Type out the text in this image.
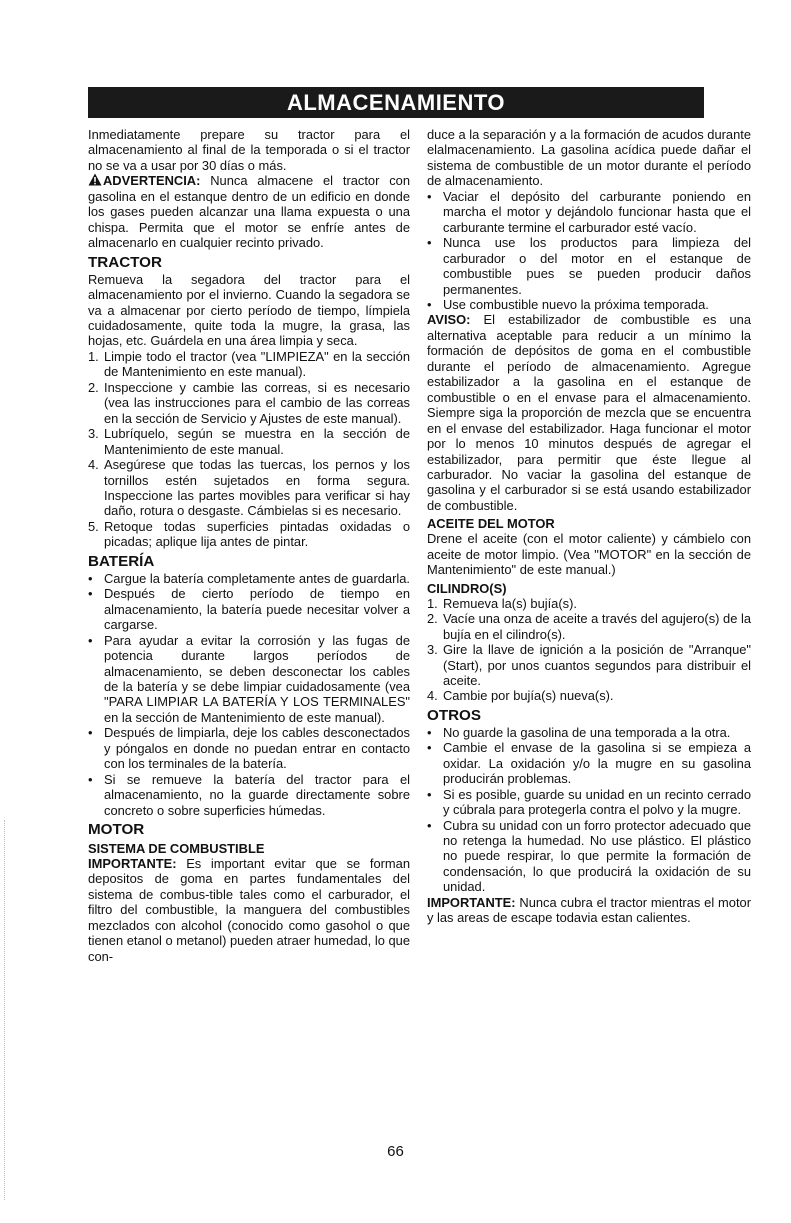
ALMACENAMIENTO

Inmediatamente prepare su tractor para el almacenamiento al final de la temporada o si el tractor no se va a usar por 30 días o más.

ADVERTENCIA: Nunca almacene el tractor con gasolina en el estanque dentro de un edificio en donde los gases pueden alcanzar una llama expuesta o una chispa. Permita que el motor se enfríe antes de almacenarlo en cualquier recinto privado.

TRACTOR

Remueva la segadora del tractor para el almacenamiento por el invierno. Cuando la segadora se va a almacenar por cierto período de tiempo, límpiela cuidadosamente, quite toda la mugre, la grasa, las hojas, etc. Guárdela en una área limpia y seca.

1. Limpie todo el tractor (vea "LIMPIEZA" en la sección de Mantenimiento en este manual).
2. Inspeccione y cambie las correas, si es necesario (vea las instrucciones para el cambio de las correas en la sección de Servicio y Ajustes de este manual).
3. Lubríquelo, según se muestra en la sección de Mantenimiento de este manual.
4. Asegúrese que todas las tuercas, los pernos y los tornillos estén sujetados en forma segura. Inspeccione las partes movibles para verificar si hay daño, rotura o desgaste. Cámbielas si es necesario.
5. Retoque todas superficies pintadas oxidadas o picadas; aplique lija antes de pintar.
BATERÍA
• Cargue la batería completamente antes de guardarla.
• Después de cierto período de tiempo en almacenamiento, la batería puede necesitar volver a cargarse.
• Para ayudar a evitar la corrosión y las fugas de potencia durante largos períodos de almacenamiento, se deben desconectar los cables de la batería y se debe limpiar cuidadosamente (vea "PARA LIMPIAR LA BATERÍA Y LOS TERMINALES" en la sección de Mantenimiento de este manual).
• Después de limpiarla, deje los cables desconectados y póngalos en donde no puedan entrar en contacto con los terminales de la batería.
• Si se remueve la batería del tractor para el almacenamiento, no la guarde directamente sobre concreto o sobre superficies húmedas.
MOTOR
SISTEMA DE COMBUSTIBLE

IMPORTANTE: Es important evitar que se forman depositos de goma en partes fundamentales del sistema de combus-tible tales como el carburador, el filtro del combustible, la manguera del combustibles mezclados con alcohol (conocido como gasohol o que tienen etanol o metanol) pueden atraer humedad, lo que con-

duce a la separación y a la formación de acudos durante elalmacenamiento. La gasolina acídica puede dañar el sistema de combustible de un motor durante el período de almacenamiento.

• Vaciar el depósito del carburante poniendo en marcha el motor y dejándolo funcionar hasta que el carburante termine el carburador esté vacío.
• Nunca use los productos para limpieza del carburador o del motor en el estanque de combustible pues se pueden producir daños permanentes.
• Use combustible nuevo la próxima temporada.

AVISO: El estabilizador de combustible es una alternativa aceptable para reducir a un mínimo la formación de depósitos de goma en el combustible durante el período de almacenamiento. Agregue estabilizador a la gasolina en el estanque de combustible o en el envase para el almacenamiento. Siempre siga la proporción de mezcla que se encuentra en el envase del estabilizador. Haga funcionar el motor por lo menos 10 minutos después de agregar el estabilizador, para permitir que éste llegue al carburador. No vaciar la gasolina del estanque de gasolina y el carburador si se está usando estabilizador de combustible.

ACEITE DEL MOTOR

Drene el aceite (con el motor caliente) y cámbielo con aceite de motor limpio. (Vea "MOTOR" en la sección de Mantenimiento" de este manual.)

CILINDRO(S)
1. Remueva la(s) bujía(s).
2. Vacíe una onza de aceite a través del agujero(s) de la bujía en el cilindro(s).
3. Gire la llave de ignición a la posición de "Arranque" (Start), por unos cuantos segundos para distribuir el aceite.
4. Cambie por bujía(s) nueva(s).
OTROS
• No guarde la gasolina de una temporada a la otra.
• Cambie el envase de la gasolina si se empieza a oxidar. La oxidación y/o la mugre en su gasolina producirán problemas.
• Si es posible, guarde su unidad en un recinto cerrado y cúbrala para protegerla contra el polvo y la mugre.
• Cubra su unidad con un forro protector adecuado que no retenga la humedad. No use plástico. El plástico no puede respirar, lo que permite la formación de condensación, lo que producirá la oxidación de su unidad.

IMPORTANTE: Nunca cubra el tractor mientras el motor y las areas de escape todavia estan calientes.

66
